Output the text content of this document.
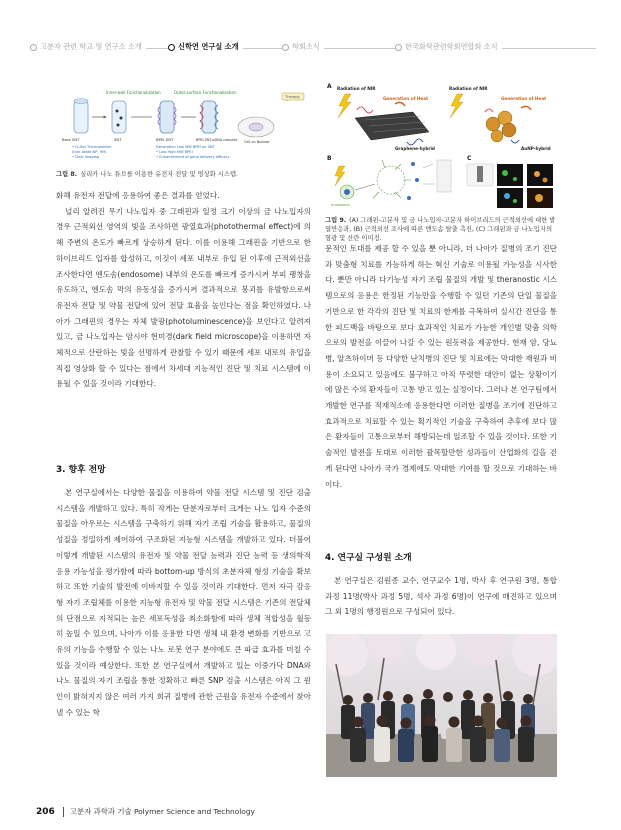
고분자 관련 학교 및 연구소 소개	신학연 연구실 소개	학회소식	한국화학관련학회연합회 소식
Inner-wall Functionalization	Outer-surface Functionalization
Therapy
Bare SNT	SNT	BPEI-SNT	BPEI-SNT-pDNA complex Cell on Nuclear
• Q-Dot Thermometer
(Iron-oxide NP, HH)
• Dual imaging
Decoration Low MW BPEI on SNT
• Low High MW BPEI
• Enhancement of gene delivery efficacy
그림 8. 실리카 나노 튜브를 이용한 유전자 전달 및 영상화 시스템.
A Radiation of NIR
Generation of Heat
Radiation of NIR
Generation of Heat
Graphene-hybrid	AuNP-hybrid
B
endosome
C
그림 9. (A) 그래핀-고분자 및 금 나노입자-고분자 하이브리드의 근적외선에 대한 발열반응과, (B) 근적외선 조사에 따른 엔도솜 탈출 촉진, (C) 그래핀과 금 나노입자의 형광 및 산란 이미징.

화해 유전자 전달에 응용하여 좋은 결과를 얻었다.

널리 알려진 무기 나노입자 중 그래핀과 일정 크기 이상의 금 나노입자의 경우 근적외선 영역의 빛을 조사하면 광열효과(photothermal effect)에 의해 주변의 온도가 빠르게 상승하게 된다. 이를 이용해 그래핀을 기반으로 한 하이브리드 입자를 합성하고, 이것이 세포 내부로 유입 된 이후에 근적외선을 조사한다면 엔도솜(endosome) 내부의 온도를 빠르게 증가시켜 부피 팽창을 유도하고, 엔도솜 막의 유동성을 증가시켜 결과적으로 붕괴를 유발함으로써 유전자 전달 및 약물 전달에 있어 전달 효율을 높인다는 점을 확인하였다. 나아가 그래핀의 경우는 자체 발광(photoluminescence)을 보인다고 알려져 있고, 금 나노입자는 암시야 현미경(dark field microscope)을 이용하면 자체적으로 산란하는 빛을 선명하게 관찰할 수 있기 때문에 세포 내로의 유입을 직접 영상화 할 수 있다는 점에서 차세대 지능적인 진단 및 치료 시스템에 이용될 수 있을 것이라 기대한다.

3. 향후 전망

본 연구실에서는 다양한 물질을 이용하여 약물 전달 시스템 및 진단 검출 시스템을 개발하고 있다. 특히 작게는 단분자로부터 크게는 나노 입자 수준의 물질을 아우르는 시스템을 구축하기 위해 자기 조립 기술을 활용하고, 물질의 성질을 정밀하게 제어하여 구조화된 지능형 시스템을 개발하고 있다. 더불어 이렇게 개발된 시스템의 유전자 및 약물 전달 능력과 진단 능력 등 생의학적 응용 가능성을 평가함에 따라 bottom-up 방식의 초분자체 형성 기술을 확보하고 또한 기술의 발전에 이바지할 수 있을 것이라 기대한다. 먼저 자극 감응형 자기 조립체를 이용한 지능형 유전자 및 약물 전달 시스템은 기존의 전달체의 단점으로 지적되는 높은 세포독성을 최소화함에 따라 생체 적합성을 월등히 높일 수 있으며, 나아가 이를 응용한 다면 생체 내 환경 변화를 기반으로 고유의 기능을 수행할 수 있는 나노 로봇 연구 분야에도 큰 파급 효과를 미칠 수 있을 것이라 예상한다. 또한 본 연구실에서 개발하고 있는 이중가닥 DNA와 나노 물질의 자기 조립을 통한 정확하고 빠른 SNP 검출 시스템은 아직 그 원인이 밝혀지지 않은 여러 가지 희귀 질병에 관한 근원을 유전자 수준에서 찾아낼 수 있는 학

문적인 토대를 제공 할 수 있을 뿐 아니라, 더 나아가 질병의 조기 진단과 맞춤형 치료를 가능하게 하는 혁신 기술로 이용될 가능성을 시사한다. 뿐만 아니라 다기능성 자기 조립 물질의 개발 및 theranostic 시스템으로의 응용은 한정된 기능만을 수행할 수 있던 기존의 단일 물질을 기반으로 한 각각의 진단 및 치료의 한계를 극복하여 실시간 진단을 통한 피드백을 바탕으로 보다 효과적인 치료가 가능한 개인별 맞춤 의학으로의 발전을 이끌어 나갈 수 있는 원동력을 제공한다. 현재 암, 당뇨병, 알츠하이머 등 다양한 난치병의 진단 및 치료에는 막대한 재원과 비용이 소요되고 있음에도 불구하고 아직 뚜렷한 대안이 없는 상황이기에 많은 수의 환자들이 고통 받고 있는 실정이다. 그러나 본 연구팀에서 개발한 연구를 적재적소에 응용한다면 이러한 질병을 조기에 진단하고 효과적으로 치료할 수 있는 획기적인 기술을 구축하여 추후에 보다 많은 환자들이 고통으로부터 해방되는데 일조할 수 있을 것이다. 또한 기술적인 발전을 토대로 이러한 괄목할만한 성과들이 산업화의 길을 걷게 된다면 나아가 국가 경제에도 막대한 기여를 할 것으로 기대하는 바이다.

4. 연구실 구성원 소개

본 연구실은 김원종 교수, 연구교수 1명, 박사 후 연구원 3명, 통합 과정 11명(박사 과정 5명, 석사 과정 6명)이 연구에 매진하고 있으며 그 외 1명의 행정원으로 구성되어 있다.

206 고분자 과학과 기술 Polymer Science and Technology
